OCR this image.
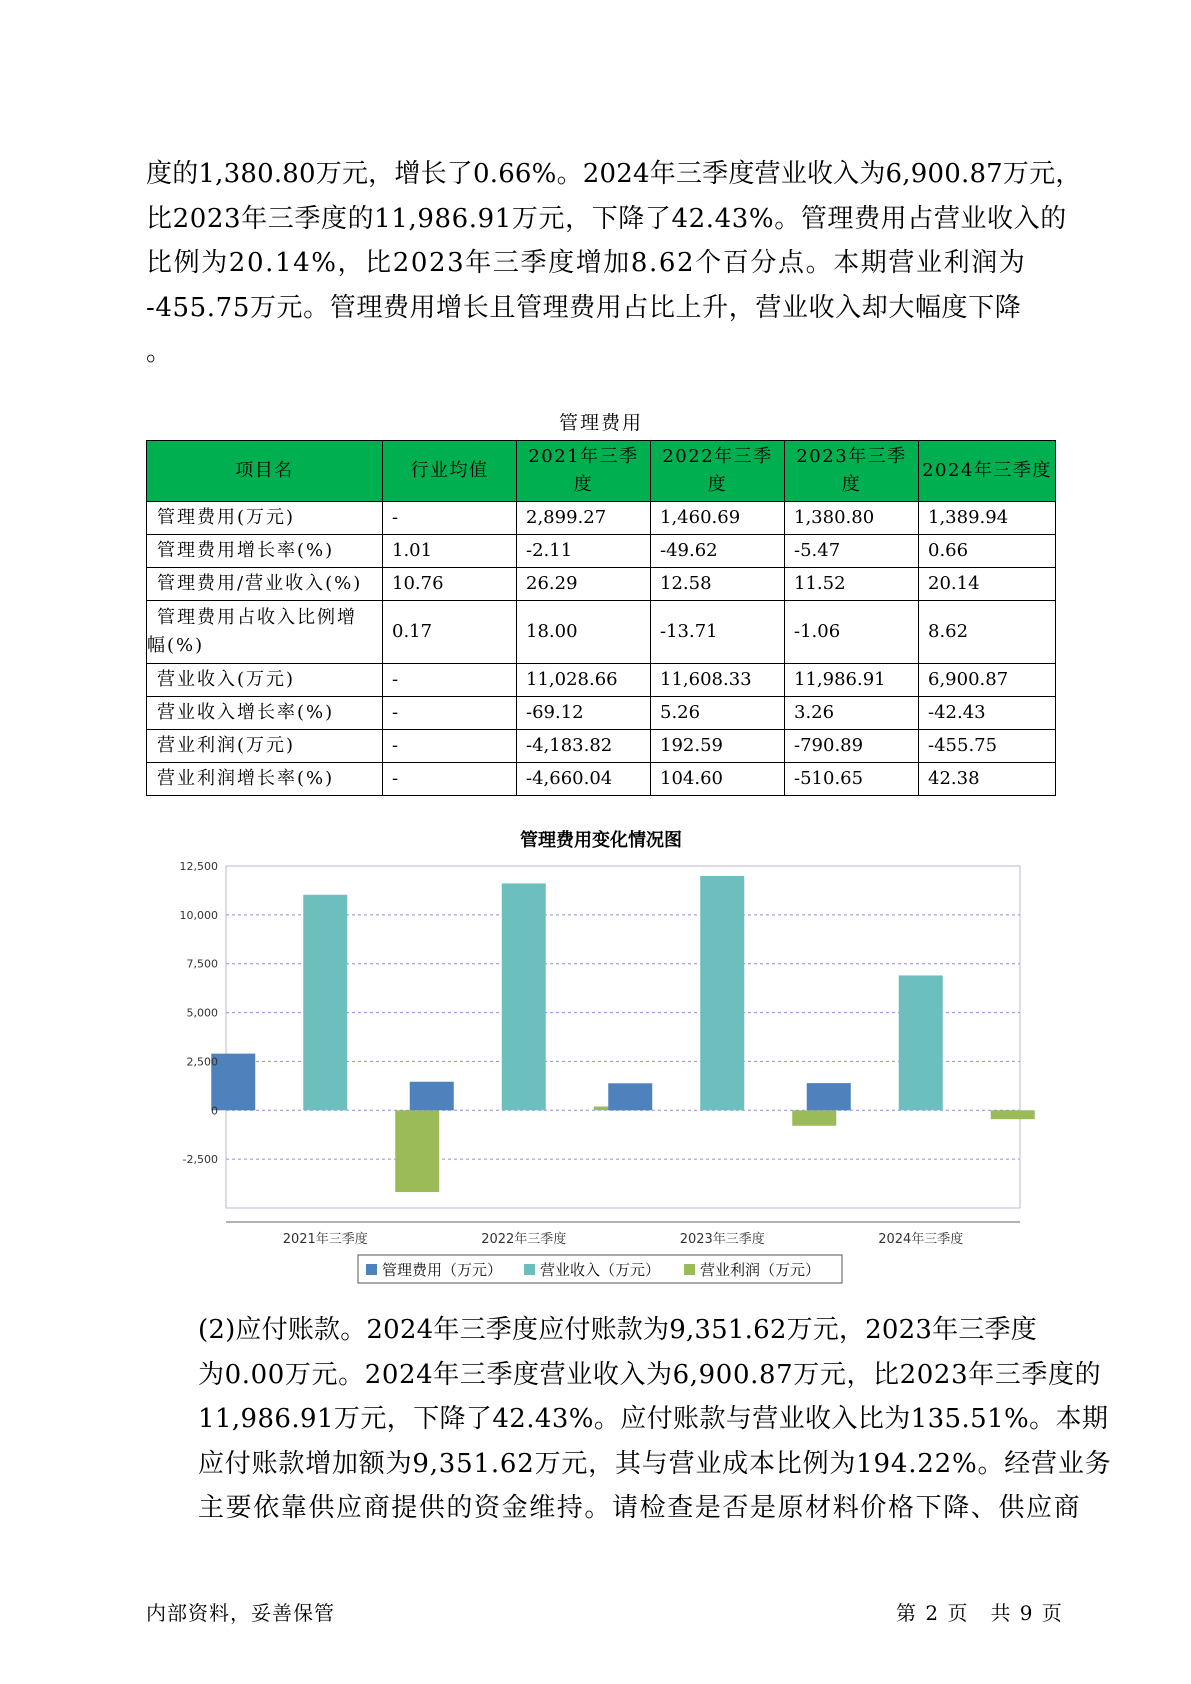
度的1,380.80万元，增长了0.66%。2024年三季度营业收入为6,900.87万元，
比2023年三季度的11,986.91万元，下降了42.43%。管理费用占营业收入的
比例为20.14%，比2023年三季度增加8.62个百分点。本期营业利润为
-455.75万元。管理费用增长且管理费用占比上升，营业收入却大幅度下降
。
管理费用
项目名	行业均值	2021年三季度	2022年三季度	2023年三季度	2024年三季度
管理费用(万元)	-	2,899.27	1,460.69	1,380.80	1,389.94
管理费用增长率(%)	1.01	-2.11	-49.62	-5.47	0.66
管理费用/营业收入(%)	10.76	26.29	12.58	11.52	20.14
管理费用占收入比例增幅(%)	0.17	18.00	-13.71	-1.06	8.62
营业收入(万元)	-	11,028.66	11,608.33	11,986.91	6,900.87
营业收入增长率(%)	-	-69.12	5.26	3.26	-42.43
营业利润(万元)	-	-4,183.82	192.59	-790.89	-455.75
营业利润增长率(%)	-	-4,660.04	104.60	-510.65	42.38
管理费用变化情况图
-2,500
0
2,500
5,000
7,500
10,000
12,500
2021年三季度	2022年三季度	2023年三季度	2024年三季度
管理费用（万元）	营业收入（万元）	营业利润（万元）
(2)应付账款。2024年三季度应付账款为9,351.62万元，2023年三季度
为0.00万元。2024年三季度营业收入为6,900.87万元，比2023年三季度的
11,986.91万元，下降了42.43%。应付账款与营业收入比为135.51%。本期
应付账款增加额为9,351.62万元，其与营业成本比例为194.22%。经营业务
主要依靠供应商提供的资金维持。请检查是否是原材料价格下降、供应商
内部资料，妥善保管	第 2 页　共 9 页
